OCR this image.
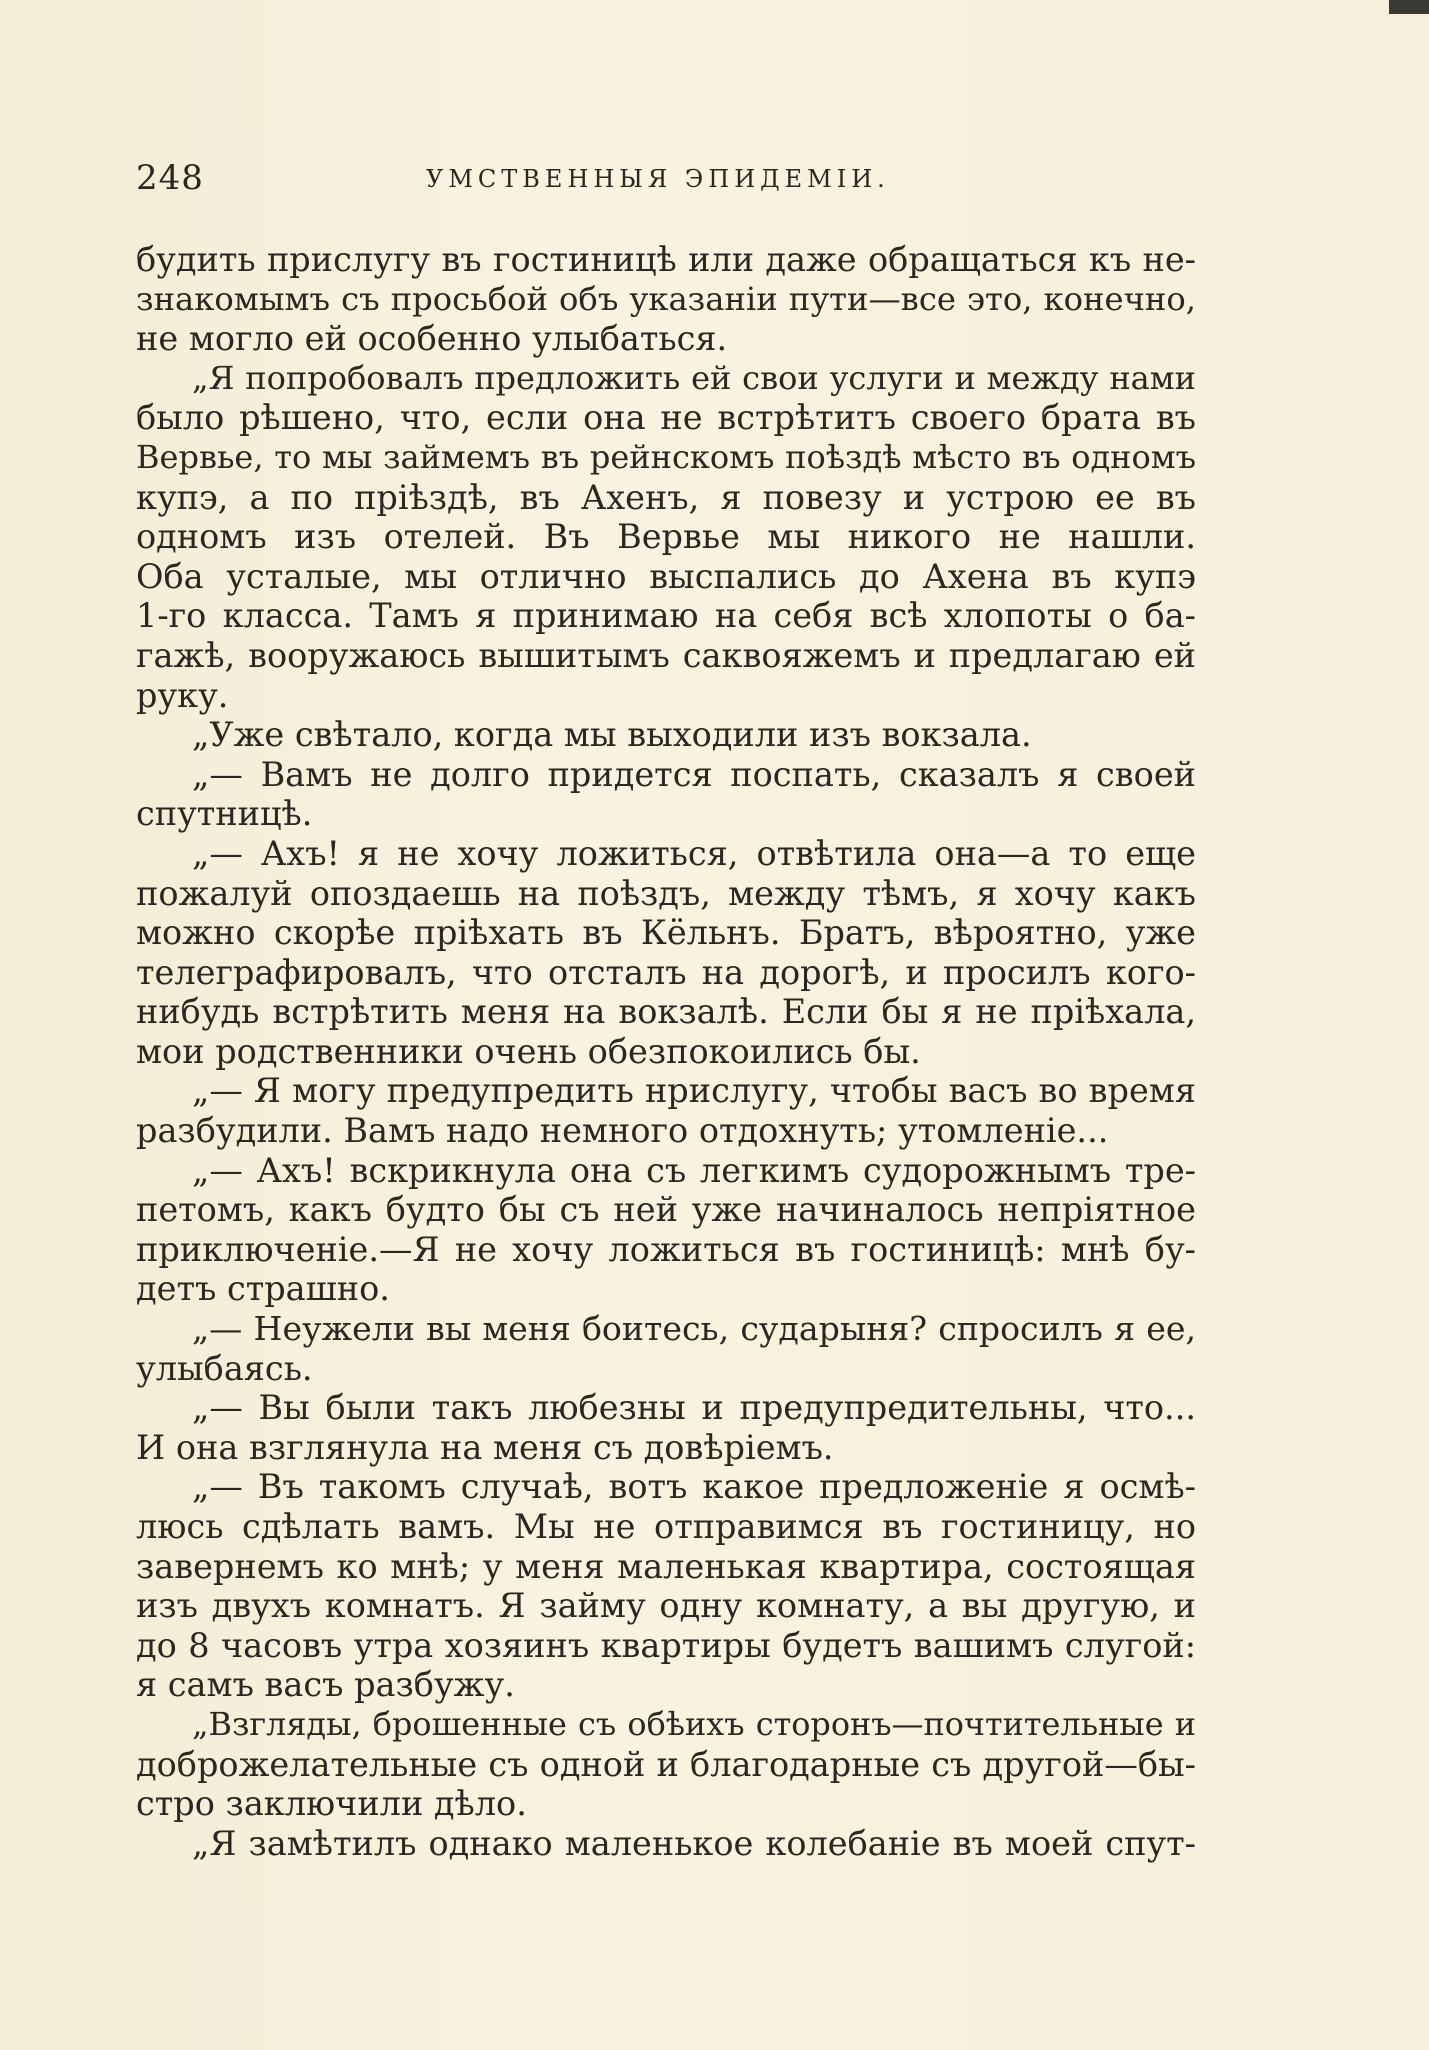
248	УМСТВЕННЫЯ ЭПИДЕМІИ.
будить прислугу въ гостиницѣ или даже обращаться къ не-
знакомымъ съ просьбой объ указаніи пути—все это, конечно,
не могло ей особенно улыбаться.
„Я попробовалъ предложить ей свои услуги и между нами
было рѣшено, что, если она не встрѣтитъ своего брата въ
Вервье, то мы займемъ въ рейнскомъ поѣздѣ мѣсто въ одномъ
купэ, а по пріѣздѣ, въ Ахенъ, я повезу и устрою ее въ
одномъ изъ отелей. Въ Вервье мы никого не нашли.
Оба усталые, мы отлично выспались до Ахена въ купэ
1-го класса. Тамъ я принимаю на себя всѣ хлопоты о ба-
гажѣ, вооружаюсь вышитымъ саквояжемъ и предлагаю ей
руку.
„Уже свѣтало, когда мы выходили изъ вокзала.
„— Вамъ не долго придется поспать, сказалъ я своей
спутницѣ.
„— Ахъ! я не хочу ложиться, отвѣтила она—а то еще
пожалуй опоздаешь на поѣздъ, между тѣмъ, я хочу какъ
можно скорѣе пріѣхать въ Кёльнъ. Братъ, вѣроятно, уже
телеграфировалъ, что отсталъ на дорогѣ, и просилъ кого-
нибудь встрѣтить меня на вокзалѣ. Если бы я не пріѣхала,
мои родственники очень обезпокоились бы.
„— Я могу предупредить нрислугу, чтобы васъ во время
разбудили. Вамъ надо немного отдохнуть; утомленіе...
„— Ахъ! вскрикнула она съ легкимъ судорожнымъ тре-
петомъ, какъ будто бы съ ней уже начиналось непріятное
приключеніе.—Я не хочу ложиться въ гостиницѣ: мнѣ бу-
детъ страшно.
„— Неужели вы меня боитесь, сударыня? спросилъ я ее,
улыбаясь.
„— Вы были такъ любезны и предупредительны, что...
И она взглянула на меня съ довѣріемъ.
„— Въ такомъ случаѣ, вотъ какое предложеніе я осмѣ-
люсь сдѣлать вамъ. Мы не отправимся въ гостиницу, но
завернемъ ко мнѣ; у меня маленькая квартира, состоящая
изъ двухъ комнатъ. Я займу одну комнату, а вы другую, и
до 8 часовъ утра хозяинъ квартиры будетъ вашимъ слугой:
я самъ васъ разбужу.
„Взгляды, брошенные съ обѣихъ сторонъ—почтительные и
доброжелательные съ одной и благодарные съ другой—бы-
стро заключили дѣло.
„Я замѣтилъ однако маленькое колебаніе въ моей спут-
